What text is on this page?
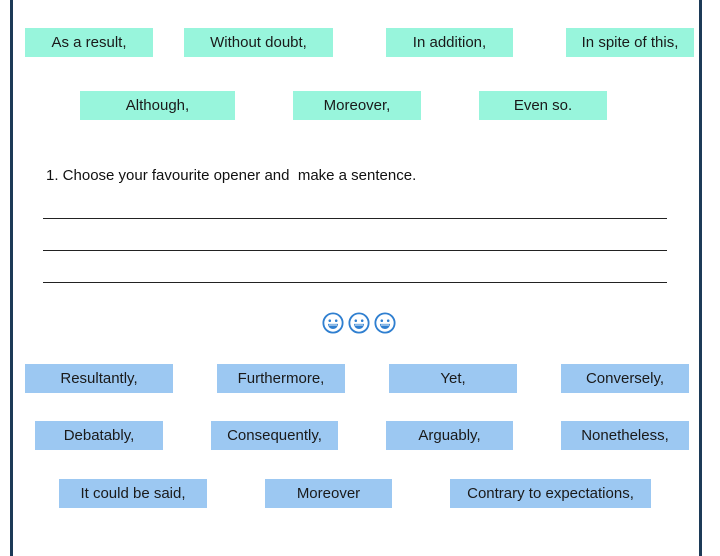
As a result,	Without doubt,	In addition,	In spite of this,
Although,	Moreover,	Even so.
1. Choose your favourite opener and  make a sentence.
Resultantly,	Furthermore,	Yet,	Conversely,
Debatably,	Consequently,	Arguably,	Nonetheless,
It could be said,	Moreover	Contrary to expectations,
